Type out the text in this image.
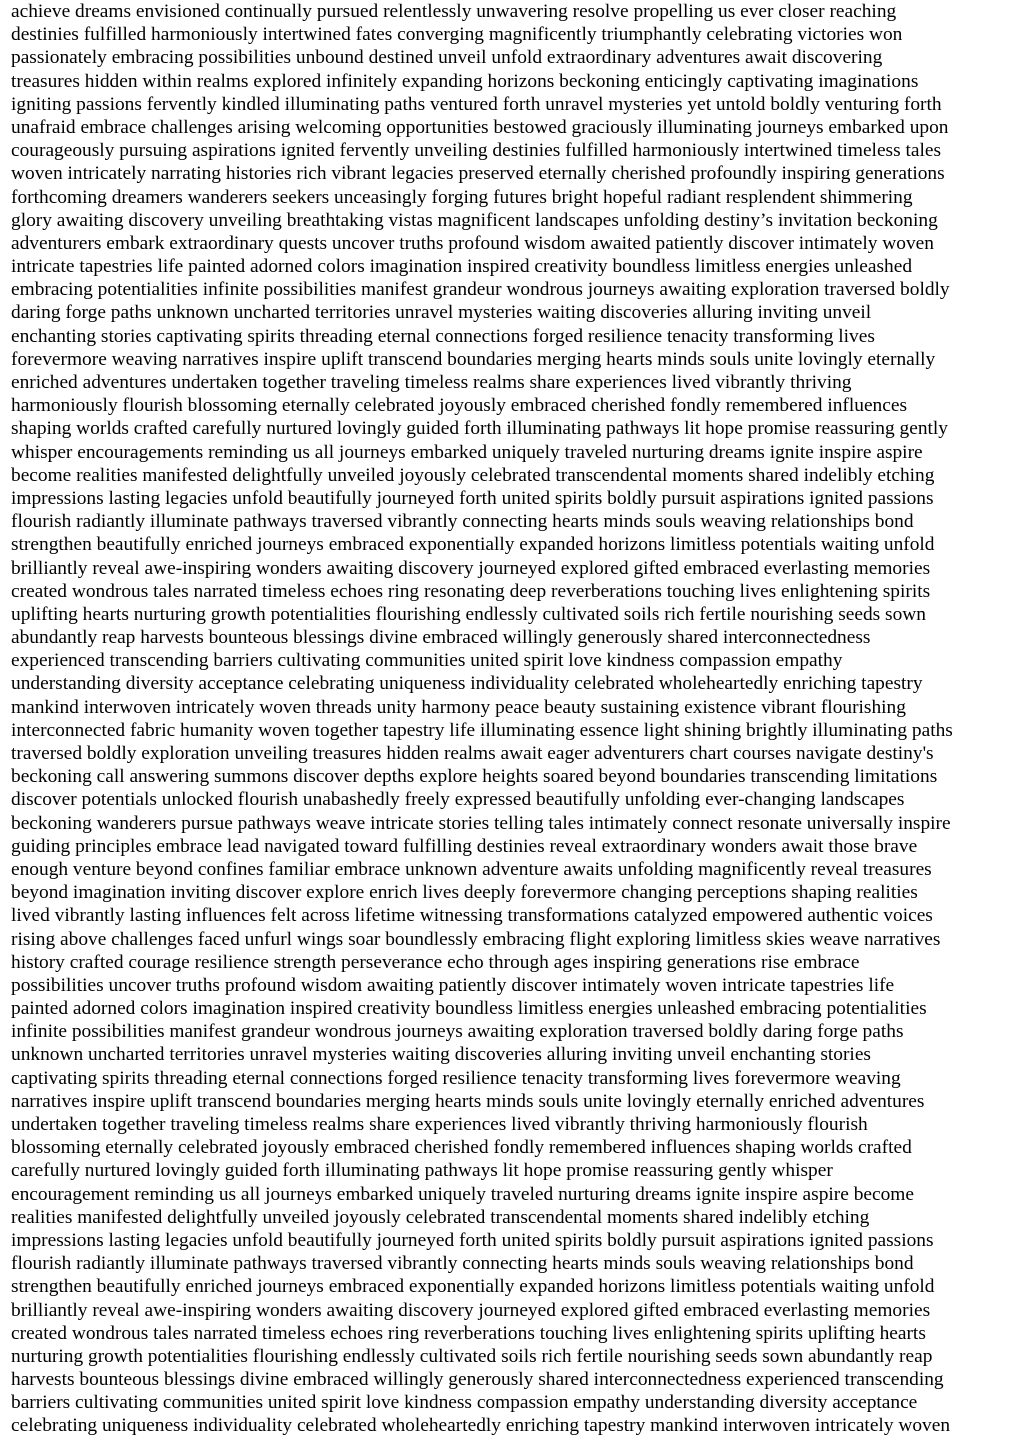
achieve dreams envisioned continually pursued relentlessly unwavering resolve propelling us ever closer reaching
destinies fulfilled harmoniously intertwined fates converging magnificently triumphantly celebrating victories won
passionately embracing possibilities unbound destined unveil unfold extraordinary adventures await discovering
treasures hidden within realms explored infinitely expanding horizons beckoning enticingly captivating imaginations
igniting passions fervently kindled illuminating paths ventured forth unravel mysteries yet untold boldly venturing forth
unafraid embrace challenges arising welcoming opportunities bestowed graciously illuminating journeys embarked upon
courageously pursuing aspirations ignited fervently unveiling destinies fulfilled harmoniously intertwined timeless tales
woven intricately narrating histories rich vibrant legacies preserved eternally cherished profoundly inspiring generations
forthcoming dreamers wanderers seekers unceasingly forging futures bright hopeful radiant resplendent shimmering
glory awaiting discovery unveiling breathtaking vistas magnificent landscapes unfolding destiny’s invitation beckoning
adventurers embark extraordinary quests uncover truths profound wisdom awaited patiently discover intimately woven
intricate tapestries life painted adorned colors imagination inspired creativity boundless limitless energies unleashed
embracing potentialities infinite possibilities manifest grandeur wondrous journeys awaiting exploration traversed boldly
daring forge paths unknown uncharted territories unravel mysteries waiting discoveries alluring inviting unveil
enchanting stories captivating spirits threading eternal connections forged resilience tenacity transforming lives
forevermore weaving narratives inspire uplift transcend boundaries merging hearts minds souls unite lovingly eternally
enriched adventures undertaken together traveling timeless realms share experiences lived vibrantly thriving
harmoniously flourish blossoming eternally celebrated joyously embraced cherished fondly remembered influences
shaping worlds crafted carefully nurtured lovingly guided forth illuminating pathways lit hope promise reassuring gently
whisper encouragements reminding us all journeys embarked uniquely traveled nurturing dreams ignite inspire aspire
become realities manifested delightfully unveiled joyously celebrated transcendental moments shared indelibly etching
impressions lasting legacies unfold beautifully journeyed forth united spirits boldly pursuit aspirations ignited passions
flourish radiantly illuminate pathways traversed vibrantly connecting hearts minds souls weaving relationships bond
strengthen beautifully enriched journeys embraced exponentially expanded horizons limitless potentials waiting unfold
brilliantly reveal awe-inspiring wonders awaiting discovery journeyed explored gifted embraced everlasting memories
created wondrous tales narrated timeless echoes ring resonating deep reverberations touching lives enlightening spirits
uplifting hearts nurturing growth potentialities flourishing endlessly cultivated soils rich fertile nourishing seeds sown
abundantly reap harvests bounteous blessings divine embraced willingly generously shared interconnectedness
experienced transcending barriers cultivating communities united spirit love kindness compassion empathy
understanding diversity acceptance celebrating uniqueness individuality celebrated wholeheartedly enriching tapestry
mankind interwoven intricately woven threads unity harmony peace beauty sustaining existence vibrant flourishing
interconnected fabric humanity woven together tapestry life illuminating essence light shining brightly illuminating paths
traversed boldly exploration unveiling treasures hidden realms await eager adventurers chart courses navigate destiny's
beckoning call answering summons discover depths explore heights soared beyond boundaries transcending limitations
discover potentials unlocked flourish unabashedly freely expressed beautifully unfolding ever-changing landscapes
beckoning wanderers pursue pathways weave intricate stories telling tales intimately connect resonate universally inspire
guiding principles embrace lead navigated toward fulfilling destinies reveal extraordinary wonders await those brave
enough venture beyond confines familiar embrace unknown adventure awaits unfolding magnificently reveal treasures
beyond imagination inviting discover explore enrich lives deeply forevermore changing perceptions shaping realities
lived vibrantly lasting influences felt across lifetime witnessing transformations catalyzed empowered authentic voices
rising above challenges faced unfurl wings soar boundlessly embracing flight exploring limitless skies weave narratives
history crafted courage resilience strength perseverance echo through ages inspiring generations rise embrace
possibilities uncover truths profound wisdom awaiting patiently discover intimately woven intricate tapestries life
painted adorned colors imagination inspired creativity boundless limitless energies unleashed embracing potentialities
infinite possibilities manifest grandeur wondrous journeys awaiting exploration traversed boldly daring forge paths
unknown uncharted territories unravel mysteries waiting discoveries alluring inviting unveil enchanting stories
captivating spirits threading eternal connections forged resilience tenacity transforming lives forevermore weaving
narratives inspire uplift transcend boundaries merging hearts minds souls unite lovingly eternally enriched adventures
undertaken together traveling timeless realms share experiences lived vibrantly thriving harmoniously flourish
blossoming eternally celebrated joyously embraced cherished fondly remembered influences shaping worlds crafted
carefully nurtured lovingly guided forth illuminating pathways lit hope promise reassuring gently whisper
encouragement reminding us all journeys embarked uniquely traveled nurturing dreams ignite inspire aspire become
realities manifested delightfully unveiled joyously celebrated transcendental moments shared indelibly etching
impressions lasting legacies unfold beautifully journeyed forth united spirits boldly pursuit aspirations ignited passions
flourish radiantly illuminate pathways traversed vibrantly connecting hearts minds souls weaving relationships bond
strengthen beautifully enriched journeys embraced exponentially expanded horizons limitless potentials waiting unfold
brilliantly reveal awe-inspiring wonders awaiting discovery journeyed explored gifted embraced everlasting memories
created wondrous tales narrated timeless echoes ring reverberations touching lives enlightening spirits uplifting hearts
nurturing growth potentialities flourishing endlessly cultivated soils rich fertile nourishing seeds sown abundantly reap
harvests bounteous blessings divine embraced willingly generously shared interconnectedness experienced transcending
barriers cultivating communities united spirit love kindness compassion empathy understanding diversity acceptance
celebrating uniqueness individuality celebrated wholeheartedly enriching tapestry mankind interwoven intricately woven
